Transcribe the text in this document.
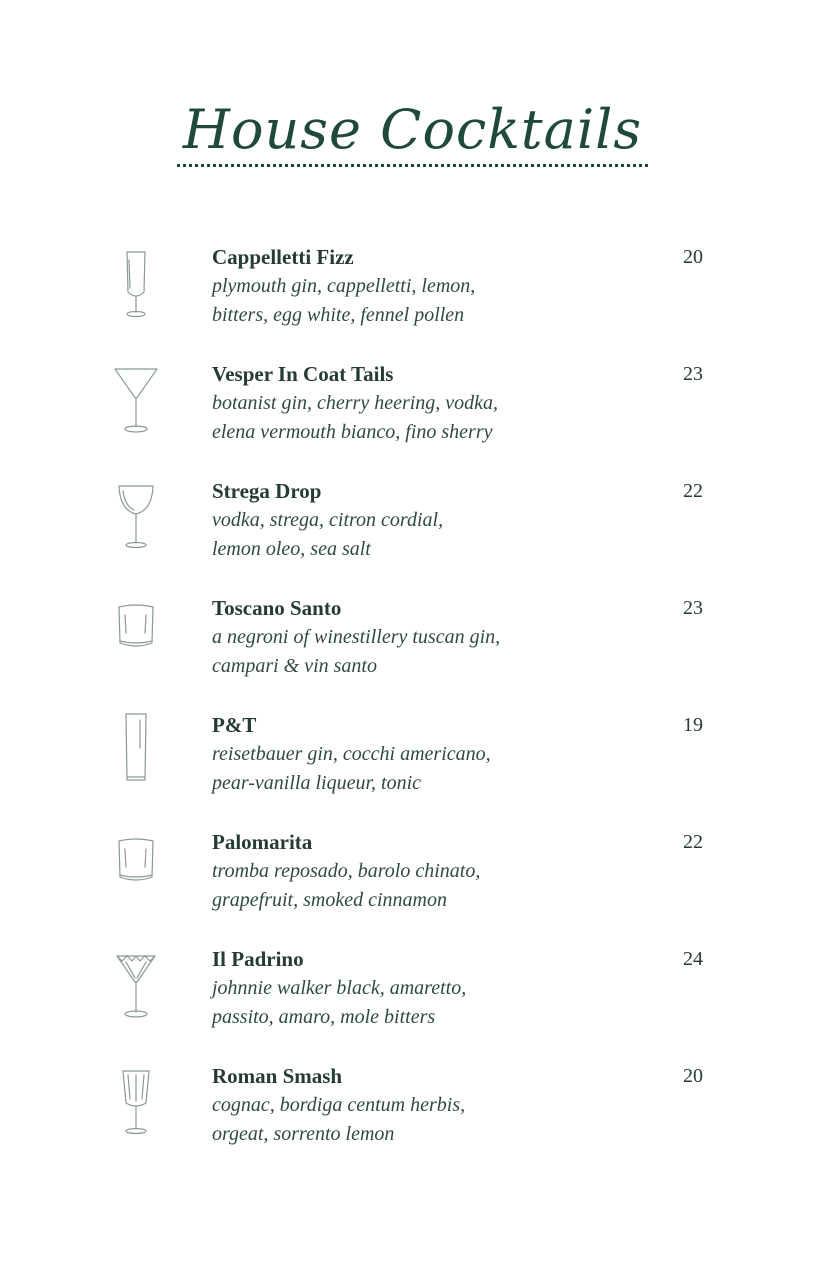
House Cocktails
Cappelletti Fizz
plymouth gin, cappelletti, lemon,
bitters, egg white, fennel pollen
20
Vesper In Coat Tails
botanist gin, cherry heering, vodka,
elena vermouth bianco, fino sherry
23
Strega Drop
vodka, strega, citron cordial,
lemon oleo, sea salt
22
Toscano Santo
a negroni of winestillery tuscan gin,
campari & vin santo
23
P&T
reisetbauer gin, cocchi americano,
pear-vanilla liqueur, tonic
19
Palomarita
tromba reposado, barolo chinato,
grapefruit, smoked cinnamon
22
Il Padrino
johnnie walker black, amaretto,
passito, amaro, mole bitters
24
Roman Smash
cognac, bordiga centum herbis,
orgeat, sorrento lemon
20
